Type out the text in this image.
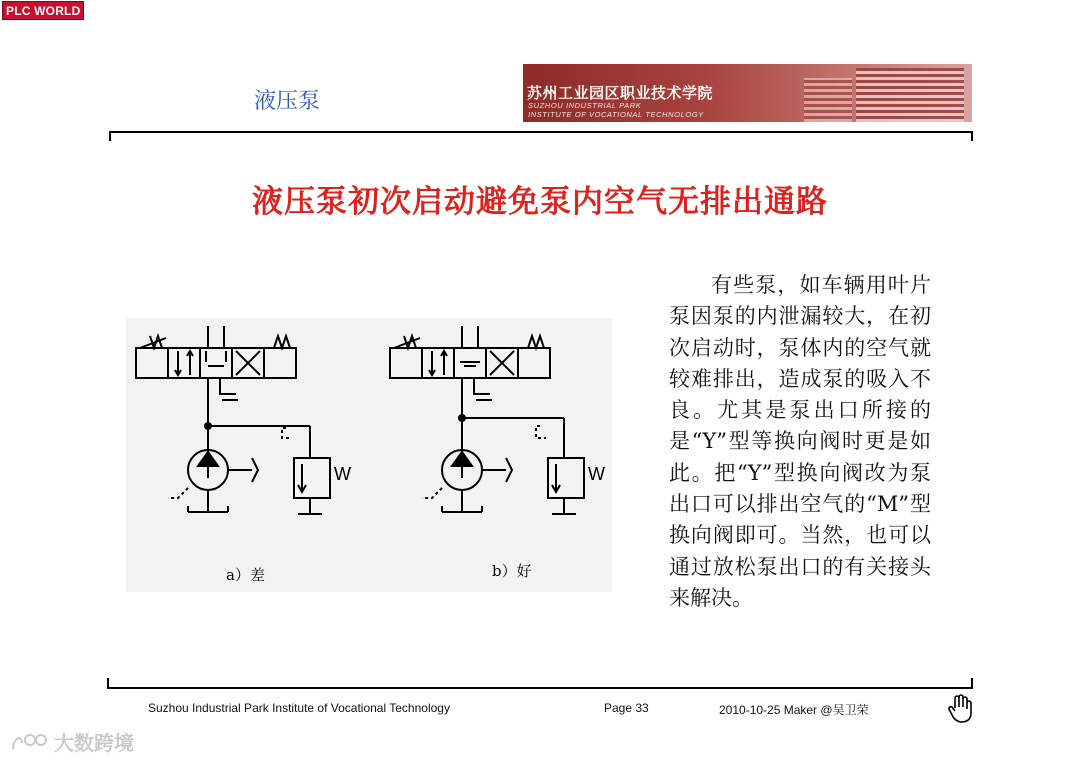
PLC WORLD
液压泵	苏州工业园区职业技术学院
SUZHOU INDUSTRIAL PARK
INSTITUTE OF VOCATIONAL TECHNOLOGY
液压泵初次启动避免泵内空气无排出通路
W
a）差
W
b）好

有些泵，如车辆用叶片泵因泵的内泄漏较大，在初次启动时，泵体内的空气就较难排出，造成泵的吸入不良。尤其是泵出口所接的是“Y”型等换向阀时更是如此。把“Y”型换向阀改为泵出口可以排出空气的“M”型换向阀即可。当然，也可以通过放松泵出口的有关接头来解决。

Suzhou Industrial Park Institute of Vocational Technology	Page 33	2010-10-25 Maker @吴卫荣
大数跨境
